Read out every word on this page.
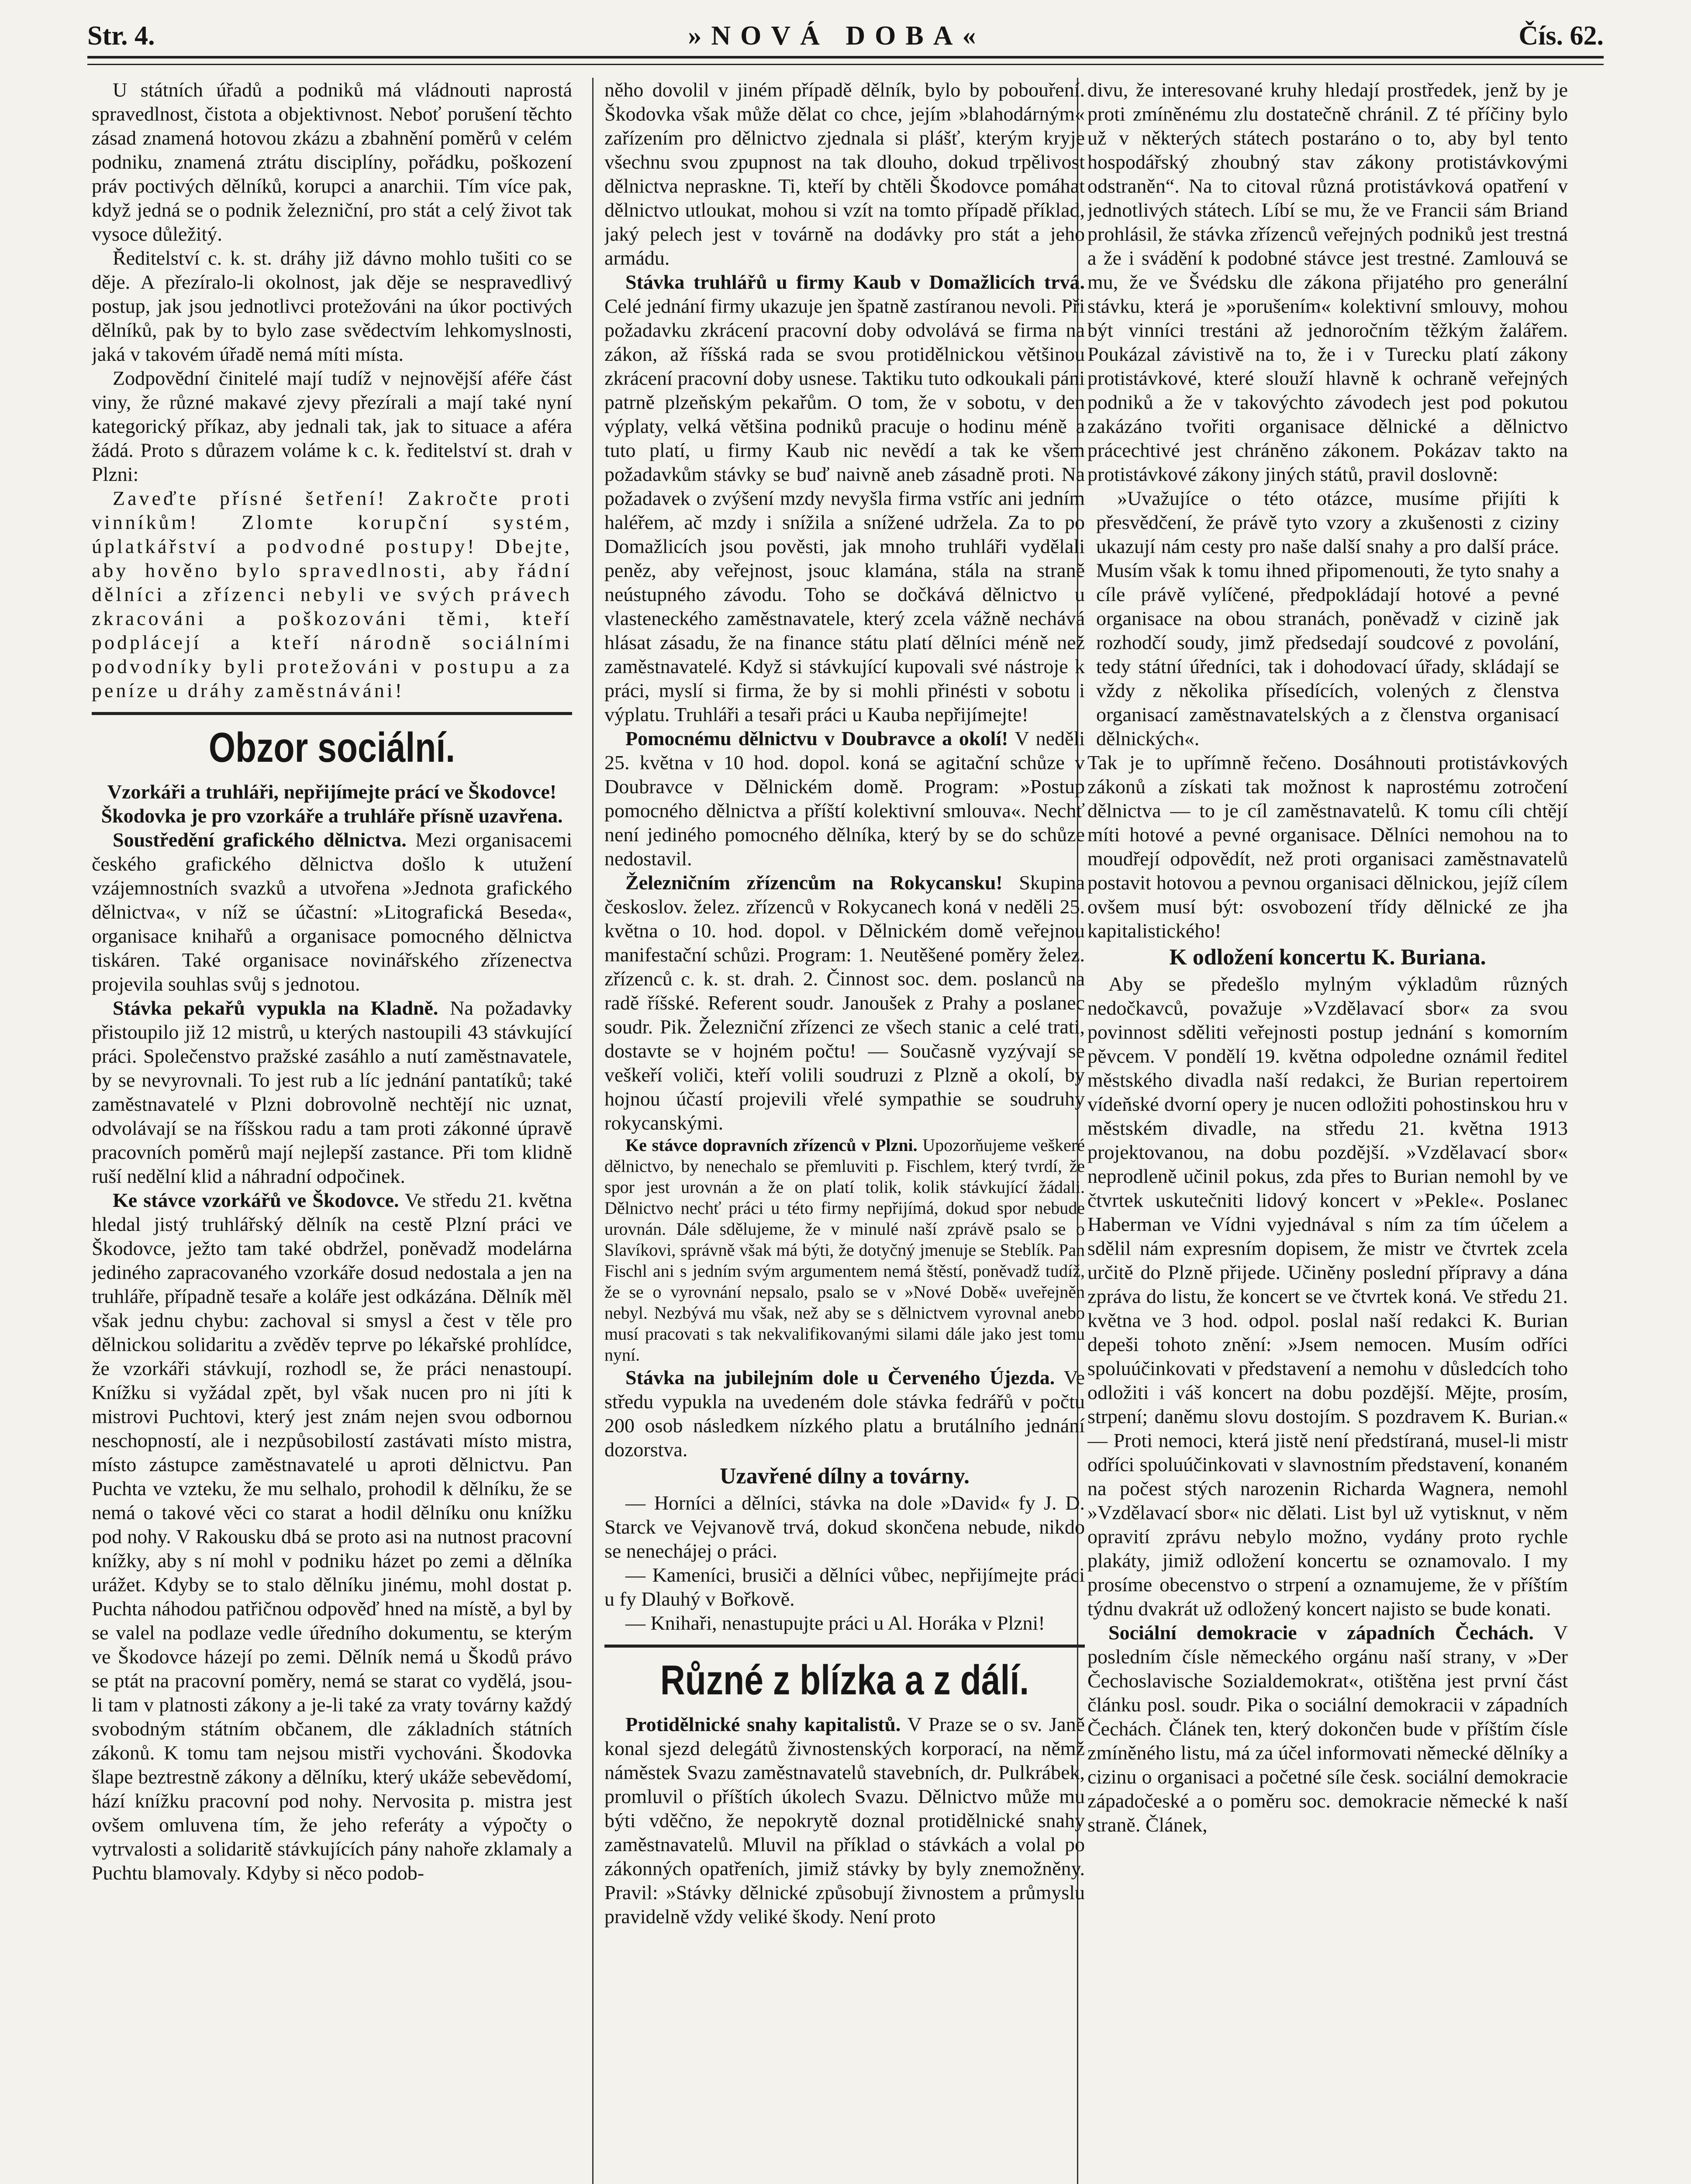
Str. 4.	»NOVÁ DOBA«	Čís. 62.

U státních úřadů a podniků má vládnouti naprostá spravedlnost, čistota a objektivnost. Neboť porušení těchto zásad znamená hotovou zkázu a zbahnění poměrů v celém podniku, znamená ztrátu disciplíny, pořádku, poškození práv poctivých dělníků, korupci a anarchii. Tím více pak, když jedná se o podnik železniční, pro stát a celý život tak vysoce důležitý.

Ředitelství c. k. st. dráhy již dávno mohlo tušiti co se děje. A přezíralo-li okolnost, jak děje se nespravedlivý postup, jak jsou jednotlivci protežováni na úkor poctivých dělníků, pak by to bylo zase svědectvím lehkomyslnosti, jaká v takovém úřadě nemá míti místa.

Zodpovědní činitelé mají tudíž v nejnovější aféře část viny, že různé makavé zjevy přezírali a mají také nyní kategorický příkaz, aby jednali tak, jak to situace a aféra žádá. Proto s důrazem voláme k c. k. ředitelství st. drah v Plzni:

Zaveďte přísné šetření! Zakročte proti vinníkům! Zlomte korupční systém, úplatkářství a podvodné postupy! Dbejte, aby hověno bylo spravedlnosti, aby řádní dělníci a zřízenci nebyli ve svých právech zkracováni a poškozováni těmi, kteří podplácejí a kteří národně sociálními podvodníky byli protežováni v postupu a za peníze u dráhy zaměstnáváni!

Obzor sociální.

Vzorkáři a truhláři, nepřijímejte prácí ve Škodovce! Škodovka je pro vzorkáře a truhláře přísně uzavřena.

Soustředění grafického dělnictva. Mezi organisacemi českého grafického dělnictva došlo k utužení vzájemnostních svazků a utvořena »Jednota grafického dělnictva«, v níž se účastní: »Litografická Beseda«, organisace knihařů a organisace pomocného dělnictva tiskáren. Také organisace novinářského zřízenectva projevila souhlas svůj s jednotou.

Stávka pekařů vypukla na Kladně. Na požadavky přistoupilo již 12 mistrů, u kterých nastoupili 43 stávkující práci. Společenstvo pražské zasáhlo a nutí zaměstnavatele, by se nevyrovnali. To jest rub a líc jednání pantatíků; také zaměstnavatelé v Plzni dobrovolně nechtějí nic uznat, odvolávají se na říšskou radu a tam proti zákonné úpravě pracovních poměrů mají nejlepší zastance. Při tom klidně ruší nedělní klid a náhradní odpočinek.

Ke stávce vzorkářů ve Škodovce. Ve středu 21. května hledal jistý truhlářský dělník na cestě Plzní práci ve Škodovce, ježto tam také obdržel, poněvadž modelárna jediného zapracovaného vzorkáře dosud nedostala a jen na truhláře, případně tesaře a koláře jest odkázána. Dělník měl však jednu chybu: zachoval si smysl a čest v těle pro dělnickou solidaritu a zvěděv teprve po lékařské prohlídce, že vzorkáři stávkují, rozhodl se, že práci nenastoupí. Knížku si vyžádal zpět, byl však nucen pro ni jíti k mistrovi Puchtovi, který jest znám nejen svou odbornou neschopností, ale i nezpůsobilostí zastávati místo mistra, místo zástupce zaměstnavatelé u aproti dělnictvu. Pan Puchta ve vzteku, že mu selhalo, prohodil k dělníku, že se nemá o takové věci co starat a hodil dělníku onu knížku pod nohy. V Rakousku dbá se proto asi na nutnost pracovní knížky, aby s ní mohl v podniku házet po zemi a dělníka urážet. Kdyby se to stalo dělníku jinému, mohl dostat p. Puchta náhodou patřičnou odpověď hned na místě, a byl by se valel na podlaze vedle úředního dokumentu, se kterým ve Škodovce házejí po zemi. Dělník nemá u Škodů právo se ptát na pracovní poměry, nemá se starat co vydělá, jsou-li tam v platnosti zákony a je-li také za vraty továrny každý svobodným státním občanem, dle základních státních zákonů. K tomu tam nejsou mistři vychováni. Škodovka šlape beztrestně zákony a dělníku, který ukáže sebevědomí, hází knížku pracovní pod nohy. Nervosita p. mistra jest ovšem omluvena tím, že jeho referáty a výpočty o vytrvalosti a solidaritě stávkujících pány nahoře zklamaly a Puchtu blamovaly. Kdyby si něco podob-

něho dovolil v jiném případě dělník, bylo by pobouření. Škodovka však může dělat co chce, jejím »blahodárným« zařízením pro dělnictvo zjednala si plášť, kterým kryje všechnu svou zpupnost na tak dlouho, dokud trpělivost dělnictva neprasknе. Ti, kteří by chtěli Škodovce pomáhat dělnictvo utloukat, mohou si vzít na tomto případě příklad, jaký pelech jest v továrně na dodávky pro stát a jeho armádu.

Stávka truhlářů u firmy Kaub v Domažlicích trvá. Celé jednání firmy ukazuje jen špatně zastíranou nevoli. Při požadavku zkrácení pracovní doby odvolává se firma na zákon, až říšská rada se svou protidělnickou většinou zkrácení pracovní doby usnese. Taktiku tuto odkoukali páni patrně plzeňským pekařům. O tom, že v sobotu, v den výplaty, velká většina podniků pracuje o hodinu méně a tuto platí, u firmy Kaub nic nevědí a tak ke všem požadavkům stávky se buď naivně aneb zásadně proti. Na požadavek o zvýšení mzdy nevyšla firma vstříc ani jedním haléřem, ač mzdy i snížila a snížené udržela. Za to po Domažlicích jsou pověsti, jak mnoho truhláři vydělali peněz, aby veřejnost, jsouc klamána, stála na straně neústupného závodu. Toho se dočkává dělnictvo u vlasteneckého zaměstnavatele, který zcela vážně nechává hlásat zásadu, že na finance státu platí dělníci méně než zaměstnavatelé. Když si stávkující kupovali své nástroje k práci, myslí si firma, že by si mohli přinésti v sobotu i výplatu. Truhláři a tesaři práci u Kauba nepřijímejte!

Pomocnému dělnictvu v Doubravce a okolí! V neděli 25. května v 10 hod. dopol. koná se agitační schůze v Doubravce v Dělnickém domě. Program: »Postup pomocného dělnictva a příští kolektivní smlouva«. Nechť není jediného pomocného dělníka, který by se do schůze nedostavil.

Železničním zřízencům na Rokycansku! Skupina českoslov. želez. zřízenců v Rokycanech koná v neděli 25. května o 10. hod. dopol. v Dělnickém domě veřejnou manifestační schůzi. Program: 1. Neutěšené poměry želez. zřízenců c. k. st. drah. 2. Činnost soc. dem. poslanců na radě říšské. Referent soudr. Janoušek z Prahy a poslanec soudr. Pik. Železniční zřízenci ze všech stanic a celé trati, dostavte se v hojném počtu! — Současně vyzývají se veškeří voliči, kteří volili soudruzi z Plzně a okolí, by hojnou účastí projevili vřelé sympathie se soudruhy rokycanskými.

Ke stávce dopravních zřízenců v Plzni. Upozorňujeme veškeré dělnictvo, by nenechalo se přemluviti p. Fischlem, který tvrdí, že spor jest urovnán a že on platí tolik, kolik stávkující žádali. Dělnictvo nechť práci u této firmy nepřijímá, dokud spor nebude urovnán. Dále sdělujeme, že v minulé naší zprávě psalo se o Slavíkovi, správně však má býti, že dotyčný jmenuje se Steblík. Pan Fischl ani s jedním svým argumentem nemá štěstí, poněvadž tudíž, že se o vyrovnání nepsalo, psalo se v »Nové Době« uveřejněn nebyl. Nezbývá mu však, než aby se s dělnictvem vyrovnal anebo musí pracovati s tak nekvalifikovanými silami dále jako jest tomu nyní.

Stávka na jubilejním dole u Červeného Újezda. Ve středu vypukla na uvedeném dole stávka fedrářů v počtu 200 osob následkem nízkého platu a brutálního jednání dozorstva.

Uzavřené dílny a továrny.

— Horníci a dělníci, stávka na dole »David« fy J. D. Starck ve Vejvanově trvá, dokud skončena nebude, nikdo se nenechájej o práci.

— Kameníci, brusiči a dělníci vůbec, nepřijímejte práci u fy Dlauhý v Bořkově.

— Knihaři, nenastupujte práci u Al. Horáka v Plzni!

Různé z blízka a z dálí.

Protidělnické snahy kapitalistů. V Praze se o sv. Janě konal sjezd delegátů živnostenských korporací, na němž náměstek Svazu zaměstnavatelů stavebních, dr. Pulkrábek, promluvil o příštích úkolech Svazu. Dělnictvo může mu býti vděčno, že nepokrytě doznal protidělnické snahy zaměstnavatelů. Mluvil na příklad o stávkách a volal po zákonných opatřeních, jimiž stávky by byly znemožněny. Pravil: »Stávky dělnické způsobují živnostem a průmyslu pravidelně vždy veliké škody. Není proto

divu, že interesované kruhy hledají prostředek, jenž by je proti zmíněnému zlu dostatečně chránil. Z té příčiny bylo už v některých státech postaráno o to, aby byl tento hospodářský zhoubný stav zákony protistávkovými odstraněn“. Na to citoval různá protistávková opatření v jednotlivých státech. Líbí se mu, že ve Francii sám Briand prohlásil, že stávka zřízenců veřejných podniků jest trestná a že i svádění k podobné stávce jest trestné. Zamlouvá se mu, že ve Švédsku dle zákona přijatého pro generální stávku, která je »porušením« kolektivní smlouvy, mohou být vinníci trestáni až jednoročním těžkým žalářem. Poukázal závistivě na to, že i v Turecku platí zákony protistávkové, které slouží hlavně k ochraně veřejných podniků a že v takovýchto závodech jest pod pokutou zakázáno tvořiti organisace dělnické a dělnictvo prácechtivé jest chráněno zákonem. Pokázav takto na protistávkové zákony jiných států, pravil doslovně:

»Uvažujíce o této otázce, musíme přijíti k přesvědčení, že právě tyto vzory a zkušenosti z ciziny ukazují nám cesty pro naše další snahy a pro další práce. Musím však k tomu ihned připomenouti, že tyto snahy a cíle právě vylíčené, předpokládají hotové a pevné organisace na obou stranách, poněvadž v cizině jak rozhodčí soudy, jimž předsedají soudcové z povolání, tedy státní úředníci, tak i dohodovací úřady, skládají se vždy z několika přísedících, volených z členstva organisací zaměstnavatelských a z členstva organisací dělnických«.

Tak je to upřímně řečeno. Dosáhnouti protistávkových zákonů a získati tak možnost k naprostému zotročení dělnictva — to je cíl zaměstnavatelů. K tomu cíli chtějí míti hotové a pevné organisace. Dělníci nemohou na to moudřejí odpovědít, než proti organisaci zaměstnavatelů postavit hotovou a pevnou organisaci dělnickou, jejíž cílem ovšem musí být: osvobození třídy dělnické ze jha kapitalistického!

K odložení koncertu K. Buriana.

Aby se předešlo mylným výkladům různých nedočkavců, považuje »Vzdělavací sbor« za svou povinnost sděliti veřejnosti postup jednání s komorním pěvcem. V pondělí 19. května odpoledne oznámil ředitel městského divadla naší redakci, že Burian repertoirem vídeňské dvorní opery je nucen odložiti pohostinskou hru v městském divadle, na středu 21. května 1913 projektovanou, na dobu pozdější. »Vzdělavací sbor« neprodleně učinil pokus, zda přes to Burian nemohl by ve čtvrtek uskutečniti lidový koncert v »Pekle«. Poslanec Haberman ve Vídni vyjednával s ním za tím účelem a sdělil nám expresním dopisem, že mistr ve čtvrtek zcela určitě do Plzně přijede. Učiněny poslední přípravy a dána zpráva do listu, že koncert se ve čtvrtek koná. Ve středu 21. května ve 3 hod. odpol. poslal naší redakci K. Burian depeši tohoto znění: »Jsem nemocen. Musím odříci spoluúčinkovati v představení a nemohu v důsledcích toho odložiti i váš koncert na dobu pozdější. Mějte, prosím, strpení; daněmu slovu dostojím. S pozdravem K. Burian.« — Proti nemoci, která jistě není předstíraná, musel-li mistr odříci spoluúčinkovati v slavnostním představení, konaném na počest stých narozenin Richarda Wagnera, nemohl »Vzdělavací sbor« nic dělati. List byl už vytisknut, v něm opravití zprávu nebylo možno, vydány proto rychle plakáty, jimiž odložení koncertu se oznamovalo. I my prosíme obecenstvo o strpení a oznamujeme, že v příštím týdnu dvakrát už odložený koncert najisto se bude konati.

Sociální demokracie v západních Čechách. V posledním čísle německého orgánu naší strany, v »Der Čechoslavische Sozialdemokrat«, otištěna jest první část článku posl. soudr. Pika o sociální demokracii v západních Čechách. Článek ten, který dokončen bude v příštím čísle zmíněného listu, má za účel informovati německé dělníky a cizinu o organisaci a početné síle česk. sociální demokracie západočeské a o poměru soc. demokracie německé k naší straně. Článek,
